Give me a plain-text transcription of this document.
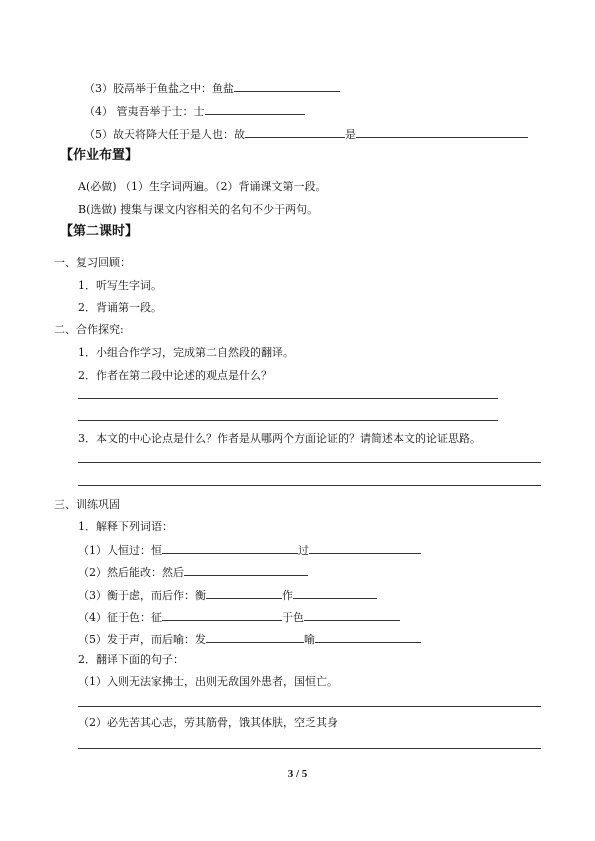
（3）胶鬲举于鱼盐之中：鱼盐
（4） 管夷吾举于士：士
（5）故天将降大任于是人也：故	是
【作业布置】
A(必做) （1）生字词两遍。（2）背诵课文第一段。
B(选做) 搜集与课文内容相关的名句不少于两句。
【第二课时】
一、复习回顾：
1．听写生字词。
2．背诵第一段。
二、合作探究:
1．小组合作学习，完成第二自然段的翻译。
2．作者在第二段中论述的观点是什么？
3．本文的中心论点是什么？作者是从哪两个方面论证的？请简述本文的论证思路。
三、训练巩固
1．解释下列词语：
（1）人恒过：恒	过
（2）然后能改：然后
（3）衡于虑，而后作：衡	作
（4）征于色：征	于色
（5）发于声，而后喻：发	喻
2．翻译下面的句子：
（1）入则无法家拂士，出则无敌国外患者，国恒亡。
（2）必先苦其心志，劳其筋骨，饿其体肤，空乏其身
3 / 5
